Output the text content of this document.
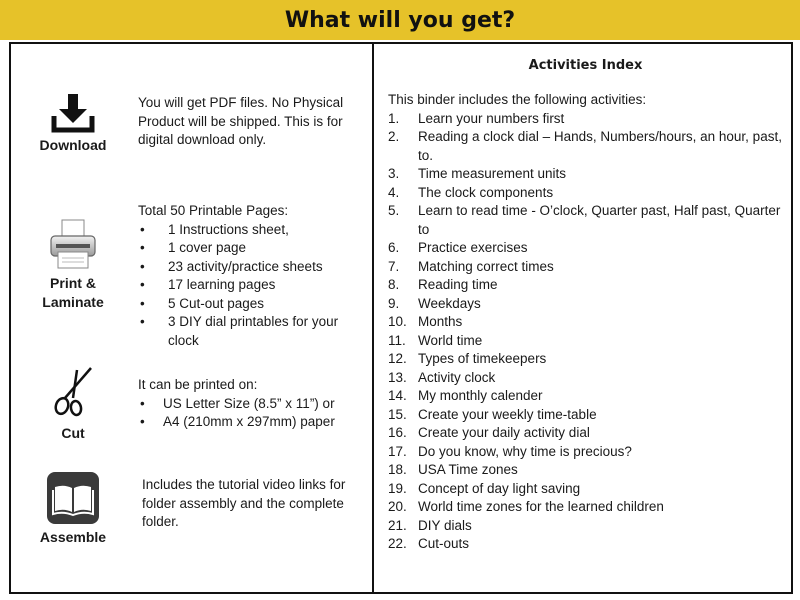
What will you get?
Download

You will get PDF files. No Physical Product will be shipped. This is for digital download only.

Print &
Laminate

Total 50 Printable Pages:

• 1 Instructions sheet,
• 1 cover page
• 23 activity/practice sheets
• 17 learning pages
• 5 Cut-out pages
• 3 DIY dial printables for your clock
Cut

It can be printed on:

• US Letter Size (8.5” x 11”) or
• A4 (210mm x 297mm) paper
Assemble

Includes the tutorial video links for folder assembly and the complete folder.

Activities Index

This binder includes the following activities:

1. Learn your numbers first
2. Reading a clock dial – Hands, Numbers/hours, an hour, past, to.
3. Time measurement units
4. The clock components
5. Learn to read time - O’clock, Quarter past, Half past, Quarter to
6. Practice exercises
7. Matching correct times
8. Reading time
9. Weekdays
10. Months
11. World time
12. Types of timekeepers
13. Activity clock
14. My monthly calender
15. Create your weekly time-table
16. Create your daily activity dial
17. Do you know, why time is precious?
18. USA Time zones
19. Concept of day light saving
20. World time zones for the learned children
21. DIY dials
22. Cut-outs
